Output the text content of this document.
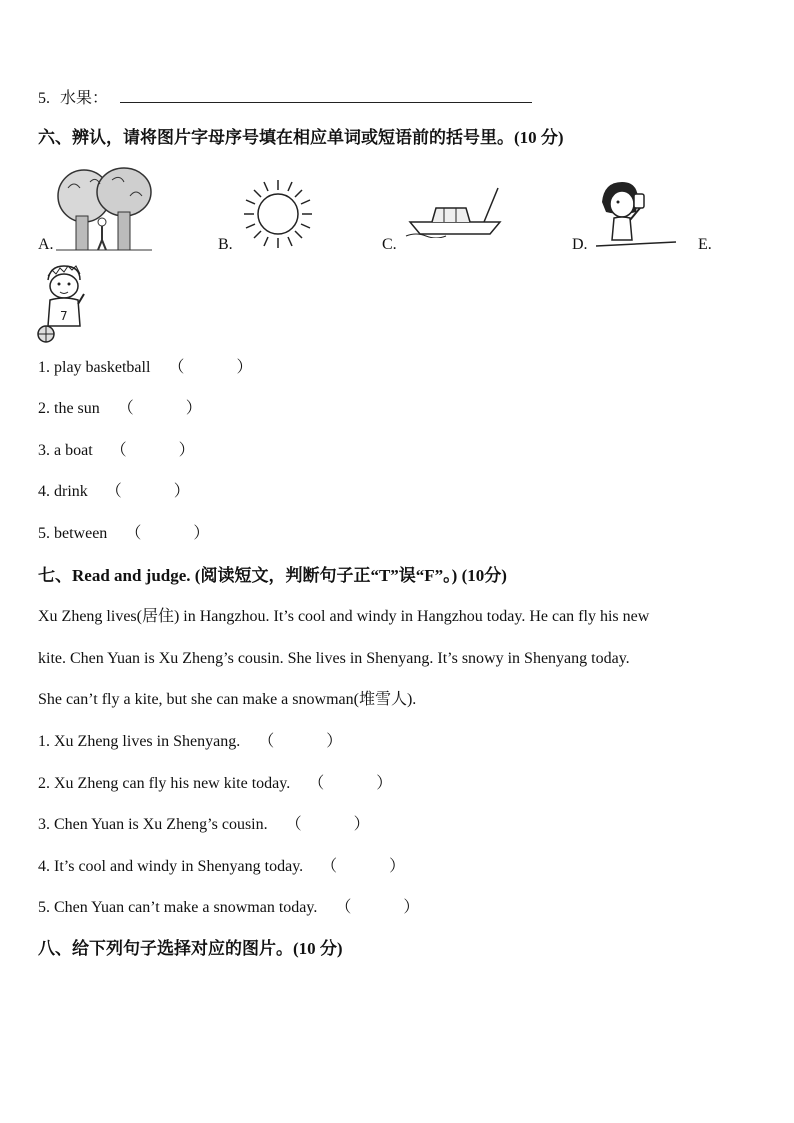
5. 水果：
六、辨认，请将图片字母序号填在相应单词或短语前的括号里。(10 分)
A.	B.	C.	D.	E.
7
1. play basketball （	）
2. the sun （	）
3. a boat （	）
4. drink （	）
5. between （	）
七、Read and judge. (阅读短文，判断句子正“T”误“F”。) (10分)
Xu Zheng lives(居住) in Hangzhou. It’s cool and windy in Hangzhou today. He can fly his new
kite. Chen Yuan is Xu Zheng’s cousin. She lives in Shenyang. It’s snowy in Shenyang today.
She can’t fly a kite, but she can make a snowman(堆雪人).
1. Xu Zheng lives in Shenyang. （	）
2. Xu Zheng can fly his new kite today. （	）
3. Chen Yuan is Xu Zheng’s cousin. （	）
4. It’s cool and windy in Shenyang today. （	）
5. Chen Yuan can’t make a snowman today. （	）
八、给下列句子选择对应的图片。(10 分)
